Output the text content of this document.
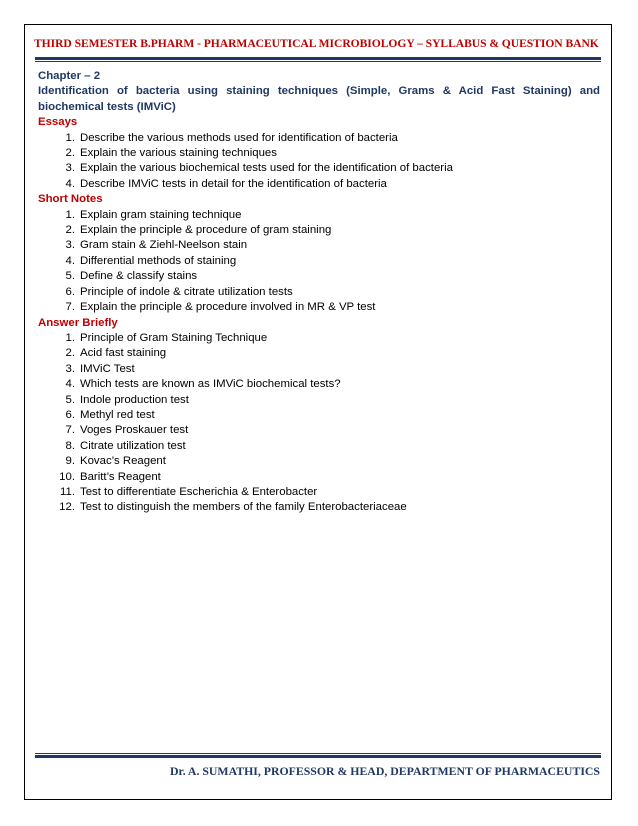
THIRD SEMESTER B.PHARM - PHARMACEUTICAL MICROBIOLOGY – SYLLABUS & QUESTION BANK
Chapter – 2
Identification of bacteria using staining techniques (Simple, Grams & Acid Fast Staining) and biochemical tests (IMViC)
Essays
1. Describe the various methods used for identification of bacteria
2. Explain the various staining techniques
3. Explain the various biochemical tests used for the identification of bacteria
4. Describe IMViC tests in detail for the identification of bacteria
Short Notes
1. Explain gram staining technique
2. Explain the principle & procedure of gram staining
3. Gram stain & Ziehl-Neelson stain
4. Differential methods of staining
5. Define & classify stains
6. Principle of indole & citrate utilization tests
7. Explain the principle & procedure involved in MR & VP test
Answer Briefly
1. Principle of Gram Staining Technique
2. Acid fast staining
3. IMViC Test
4. Which tests are known as IMViC biochemical tests?
5. Indole production test
6. Methyl red test
7. Voges Proskauer test
8. Citrate utilization test
9. Kovac’s Reagent
10. Baritt’s Reagent
11. Test to differentiate Escherichia & Enterobacter
12. Test to distinguish the members of the family Enterobacteriaceae
Dr. A. SUMATHI, PROFESSOR & HEAD, DEPARTMENT OF PHARMACEUTICS
